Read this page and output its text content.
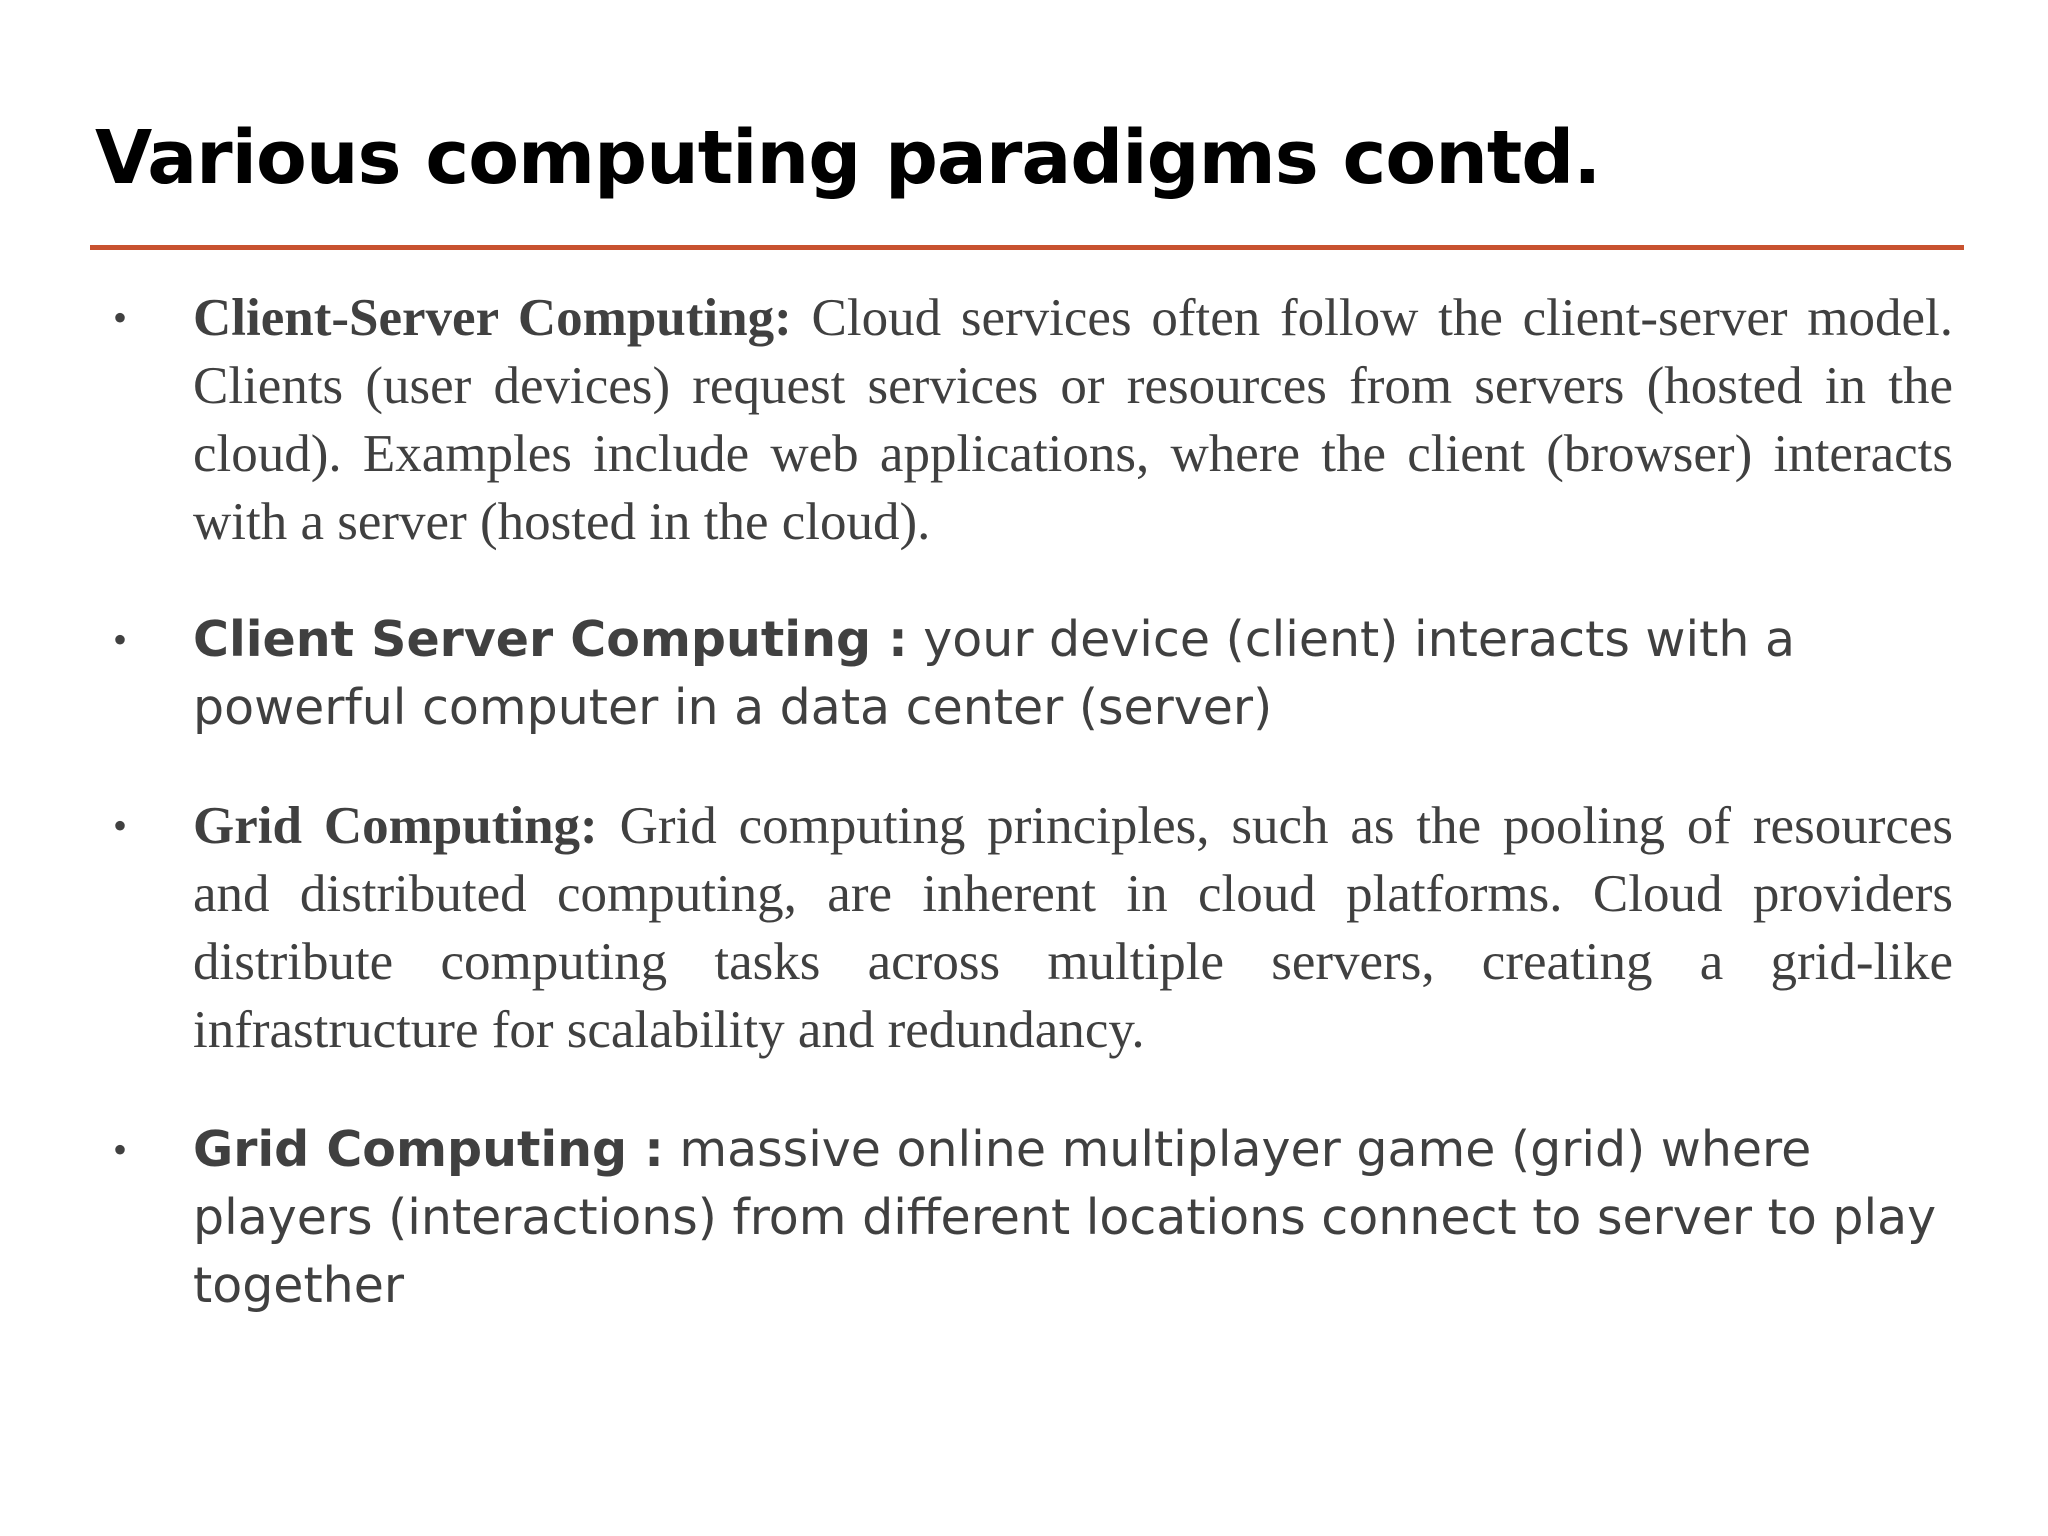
Various computing paradigms contd.
• Client-Server Computing: Cloud services often follow the client-server model. Clients (user devices) request services or resources from servers (hosted in the cloud). Examples include web applications, where the client (browser) interacts with a server (hosted in the cloud).
• Client Server Computing : your device (client) interacts with a powerful computer in a data center (server)
• Grid Computing: Grid computing principles, such as the pooling of resources and distributed computing, are inherent in cloud platforms. Cloud providers distribute computing tasks across multiple servers, creating a grid-like infrastructure for scalability and redundancy.
• Grid Computing : massive online multiplayer game (grid) where players (interactions) from different locations connect to server to play together
